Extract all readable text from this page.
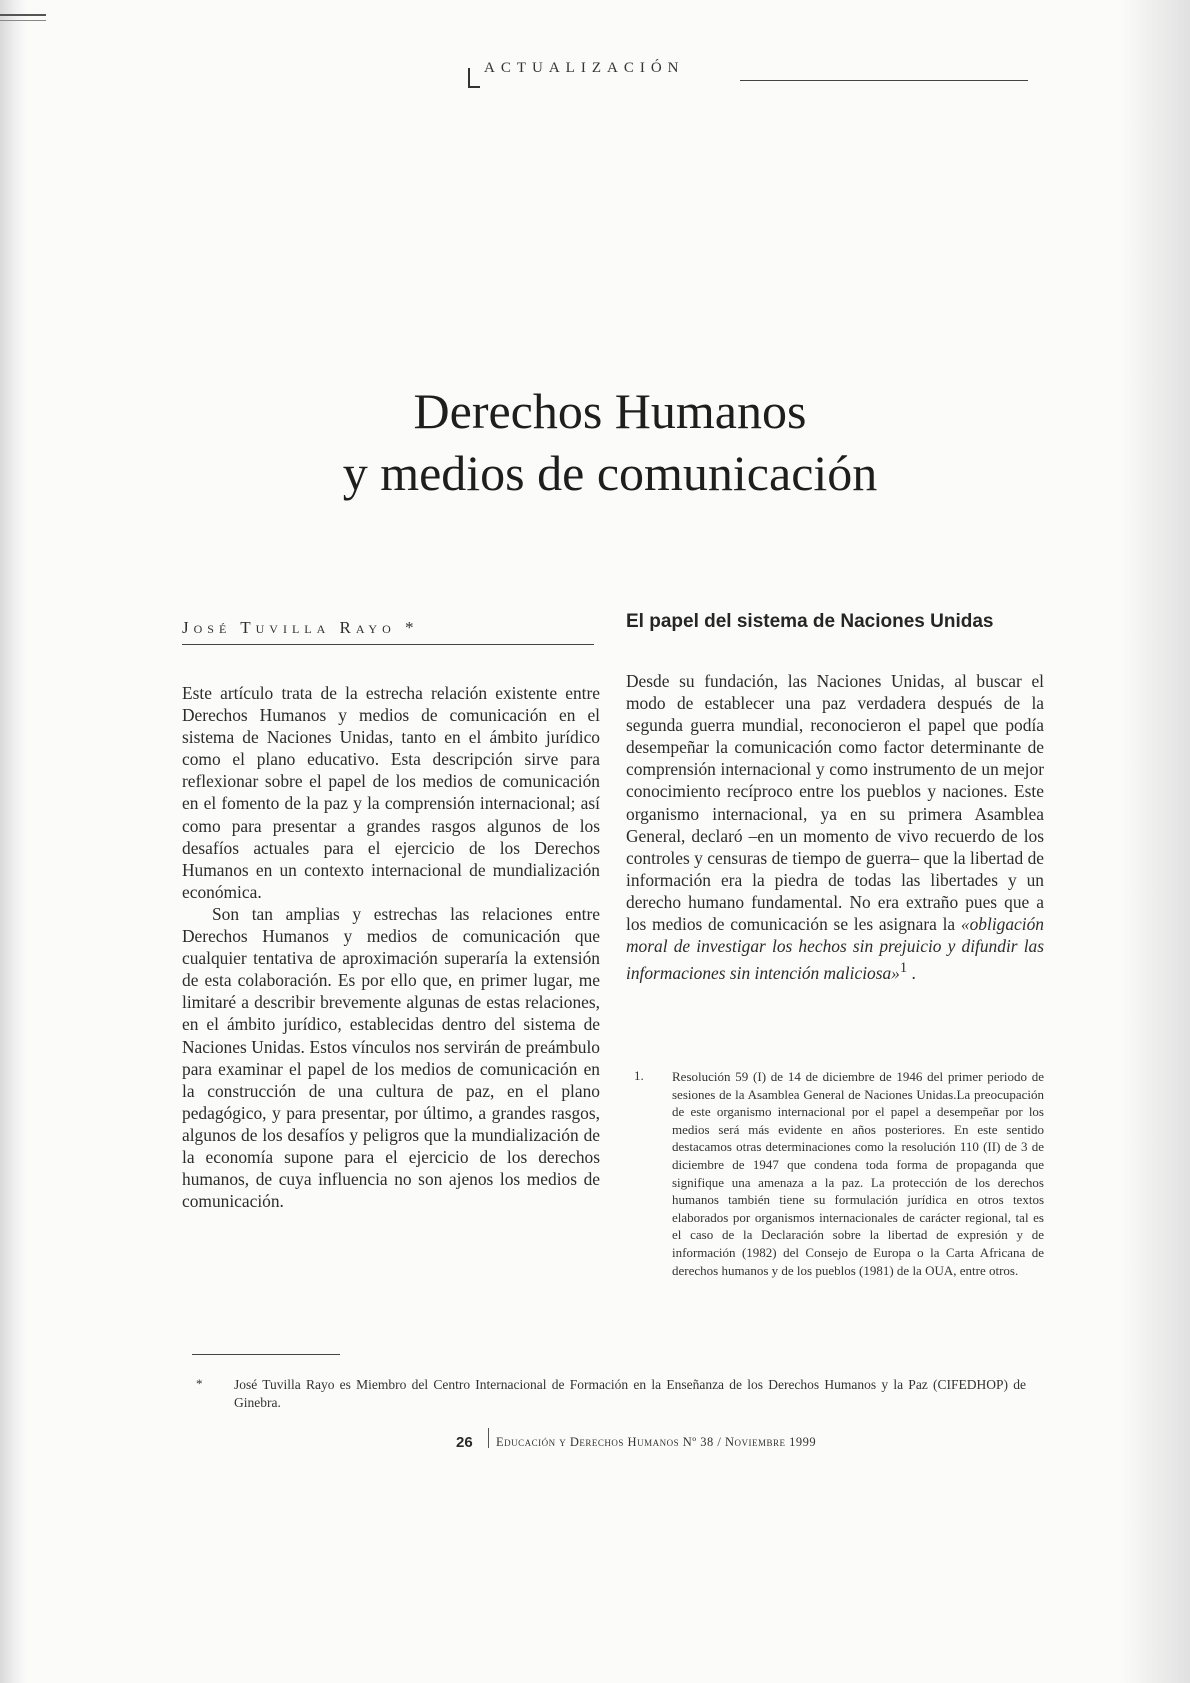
ACTUALIZACIÓN
Derechos Humanos
y medios de comunicación
José Tuvilla Rayo *

Este artículo trata de la estrecha relación existente entre Derechos Humanos y medios de comunicación en el sistema de Naciones Unidas, tanto en el ámbito jurídico como el plano educativo. Esta descripción sirve para reflexionar sobre el papel de los medios de comunicación en el fomento de la paz y la comprensión internacional; así como para presentar a grandes rasgos algunos de los desafíos actuales para el ejercicio de los Derechos Humanos en un contexto internacional de mundialización económica.

Son tan amplias y estrechas las relaciones entre Derechos Humanos y medios de comunicación que cualquier tentativa de aproximación superaría la extensión de esta colaboración. Es por ello que, en primer lugar, me limitaré a describir brevemente algunas de estas relaciones, en el ámbito jurídico, establecidas dentro del sistema de Naciones Unidas. Estos vínculos nos servirán de preámbulo para examinar el papel de los medios de comunicación en la construcción de una cultura de paz, en el plano pedagógico, y para presentar, por último, a grandes rasgos, algunos de los desafíos y peligros que la mundialización de la economía supone para el ejercicio de los derechos humanos, de cuya influencia no son ajenos los medios de comunicación.

El papel del sistema de Naciones Unidas

Desde su fundación, las Naciones Unidas, al buscar el modo de establecer una paz verdadera después de la segunda guerra mundial, reconocieron el papel que podía desempeñar la comunicación como factor determinante de comprensión internacional y como instrumento de un mejor conocimiento recíproco entre los pueblos y naciones. Este organismo internacional, ya en su primera Asamblea General, declaró –en un momento de vivo recuerdo de los controles y censuras de tiempo de guerra– que la libertad de información era la piedra de todas las libertades y un derecho humano fundamental. No era extraño pues que a los medios de comunicación se les asignara la «obligación moral de investigar los hechos sin prejuicio y difundir las informaciones sin intención maliciosa»$^1$ .

1. Resolución 59 (I) de 14 de diciembre de 1946 del primer periodo de sesiones de la Asamblea General de Naciones Unidas.La preocupación de este organismo internacional por el papel a desempeñar por los medios será más evidente en años posteriores. En este sentido destacamos otras determinaciones como la resolución 110 (II) de 3 de diciembre de 1947 que condena toda forma de propaganda que signifique una amenaza a la paz. La protección de los derechos humanos también tiene su formulación jurídica en otros textos elaborados por organismos internacionales de carácter regional, tal es el caso de la Declaración sobre la libertad de expresión y de información (1982) del Consejo de Europa o la Carta Africana de derechos humanos y de los pueblos (1981) de la OUA, entre otros.
* José Tuvilla Rayo es Miembro del Centro Internacional de Formación en la Enseñanza de los Derechos Humanos y la Paz (CIFEDHOP) de Ginebra.
26 Educación y Derechos Humanos Nº 38 / Noviembre 1999
